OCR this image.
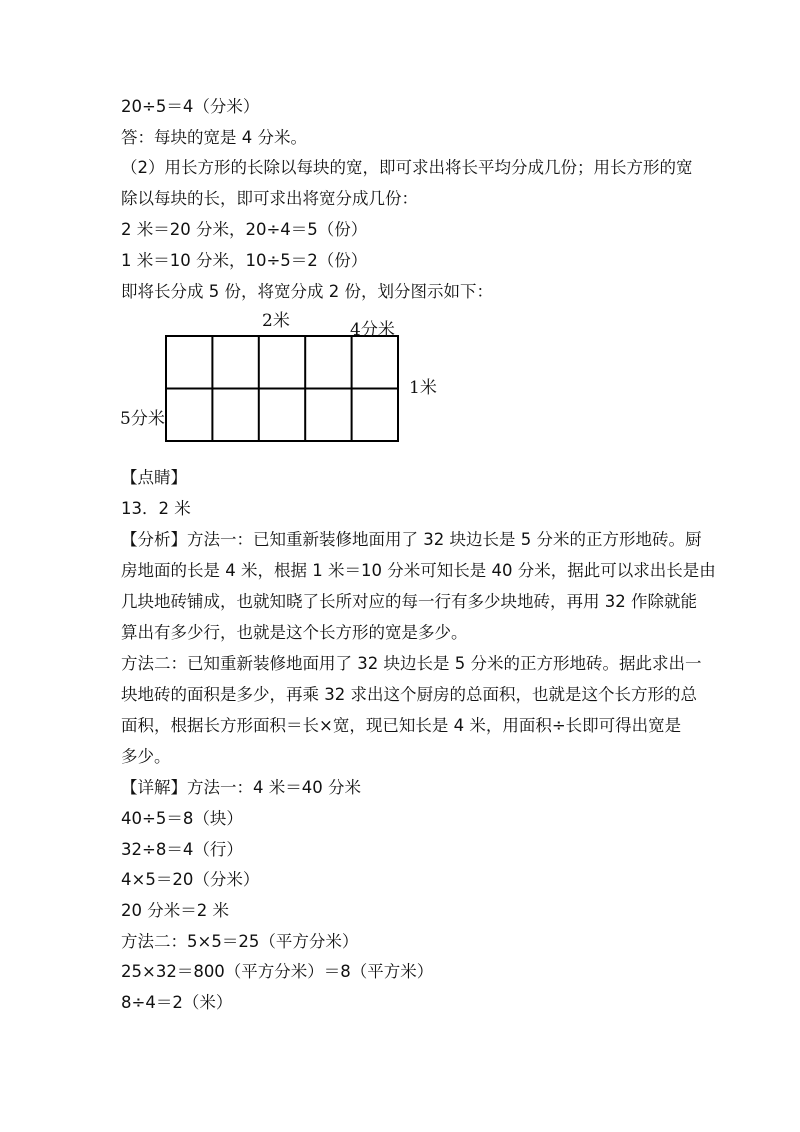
20÷5＝4（分米）

答：每块的宽是 4 分米。

（2）用长方形的长除以每块的宽，即可求出将长平均分成几份；用长方形的宽

除以每块的长，即可求出将宽分成几份：

2 米＝20 分米，20÷4＝5（份）

1 米＝10 分米，10÷5＝2（份）

即将长分成 5 份，将宽分成 2 份，划分图示如下：

2米	4分米
1米
5分米

【点睛】

13．2 米

【分析】方法一：已知重新装修地面用了 32 块边长是 5 分米的正方形地砖。厨

房地面的长是 4 米，根据 1 米＝10 分米可知长是 40 分米，据此可以求出长是由

几块地砖铺成，也就知晓了长所对应的每一行有多少块地砖，再用 32 作除就能

算出有多少行，也就是这个长方形的宽是多少。

方法二：已知重新装修地面用了 32 块边长是 5 分米的正方形地砖。据此求出一

块地砖的面积是多少，再乘 32 求出这个厨房的总面积，也就是这个长方形的总

面积，根据长方形面积＝长×宽，现已知长是 4 米，用面积÷长即可得出宽是

多少。

【详解】方法一：4 米＝40 分米

40÷5＝8（块）

32÷8＝4（行）

4×5＝20（分米）

20 分米＝2 米

方法二：5×5＝25（平方分米）

25×32＝800（平方分米）＝8（平方米）

8÷4＝2（米）
